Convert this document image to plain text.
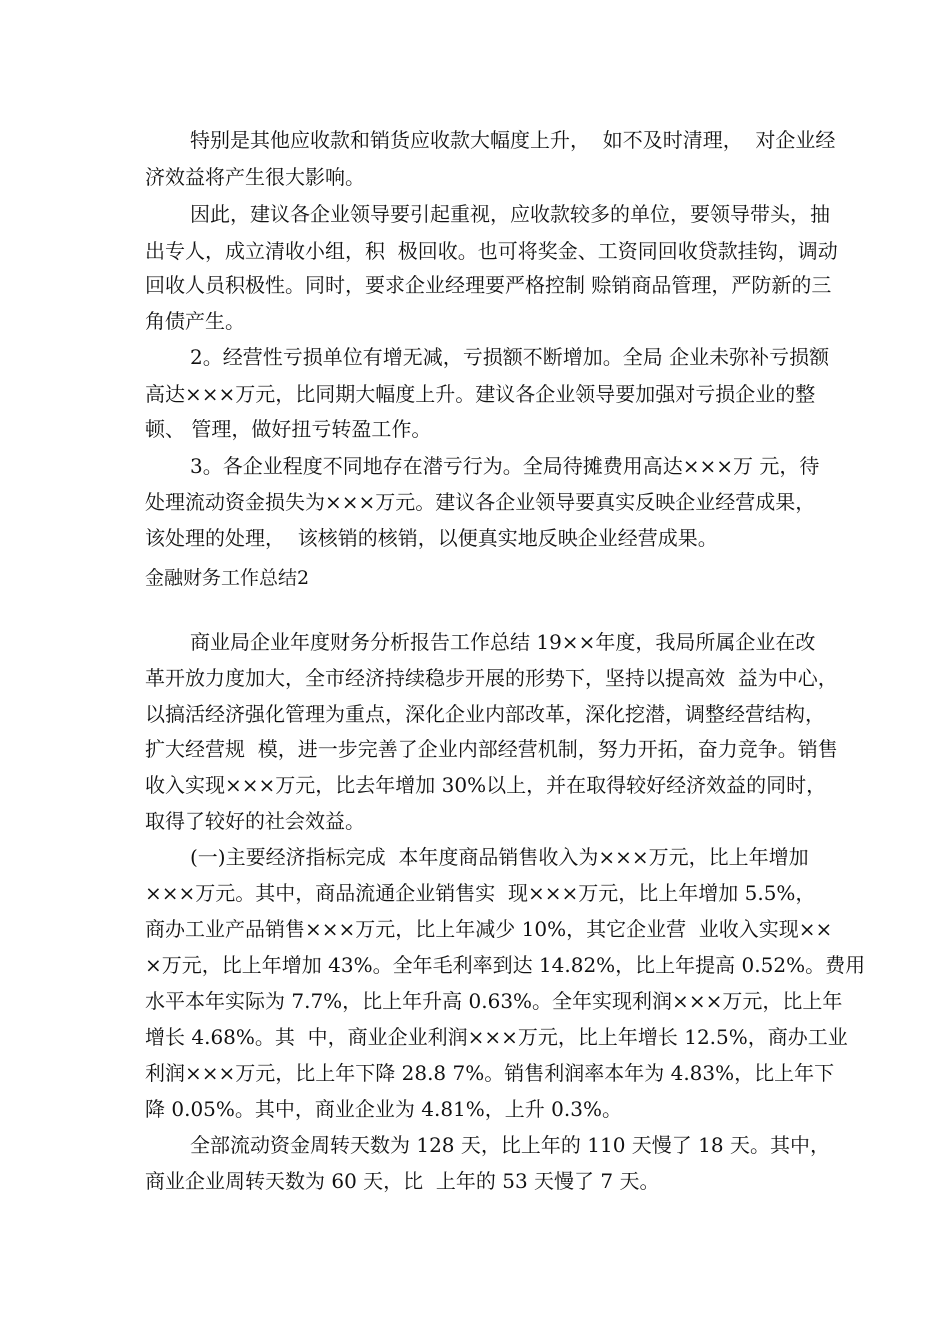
特别是其他应收款和销货应收款大幅度上升，  如不及时清理，  对企业经

济效益将产生很大影响。

因此，建议各企业领导要引起重视，应收款较多的单位，要领导带头，抽

出专人，成立清收小组，积  极回收。也可将奖金、工资同回收贷款挂钩，调动

回收人员积极性。同时，要求企业经理要严格控制 赊销商品管理，严防新的三

角债产生。

2。经营性亏损单位有增无减，亏损额不断增加。全局 企业未弥补亏损额

高达×××万元，比同期大幅度上升。建议各企业领导要加强对亏损企业的整

顿、 管理，做好扭亏转盈工作。

3。各企业程度不同地存在潜亏行为。全局待摊费用高达×××万 元，待

处理流动资金损失为×××万元。建议各企业领导要真实反映企业经营成果，

该处理的处理，  该核销的核销，以便真实地反映企业经营成果。

金融财务工作总结2

商业局企业年度财务分析报告工作总结 19××年度，我局所属企业在改

革开放力度加大，全市经济持续稳步开展的形势下，坚持以提高效  益为中心，

以搞活经济强化管理为重点，深化企业内部改革，深化挖潜，调整经营结构，

扩大经营规  模，进一步完善了企业内部经营机制，努力开拓，奋力竞争。销售

收入实现×××万元，比去年增加 30%以上，并在取得较好经济效益的同时，

取得了较好的社会效益。

(一)主要经济指标完成  本年度商品销售收入为×××万元，比上年增加

×××万元。其中，商品流通企业销售实  现×××万元，比上年增加 5.5%，

商办工业产品销售×××万元，比上年减少 10%，其它企业营  业收入实现××

×万元，比上年增加 43%。全年毛利率到达 14.82%，比上年提高 0.52%。费用

水平本年实际为 7.7%，比上年升高 0.63%。全年实现利润×××万元，比上年

增长 4.68%。其  中，商业企业利润×××万元，比上年增长 12.5%，商办工业

利润×××万元，比上年下降 28.8 7%。销售利润率本年为 4.83%，比上年下

降 0.05%。其中，商业企业为 4.81%，上升 0.3%。

全部流动资金周转天数为 128 天，比上年的 110 天慢了 18 天。其中，

商业企业周转天数为 60 天，比  上年的 53 天慢了 7 天。
